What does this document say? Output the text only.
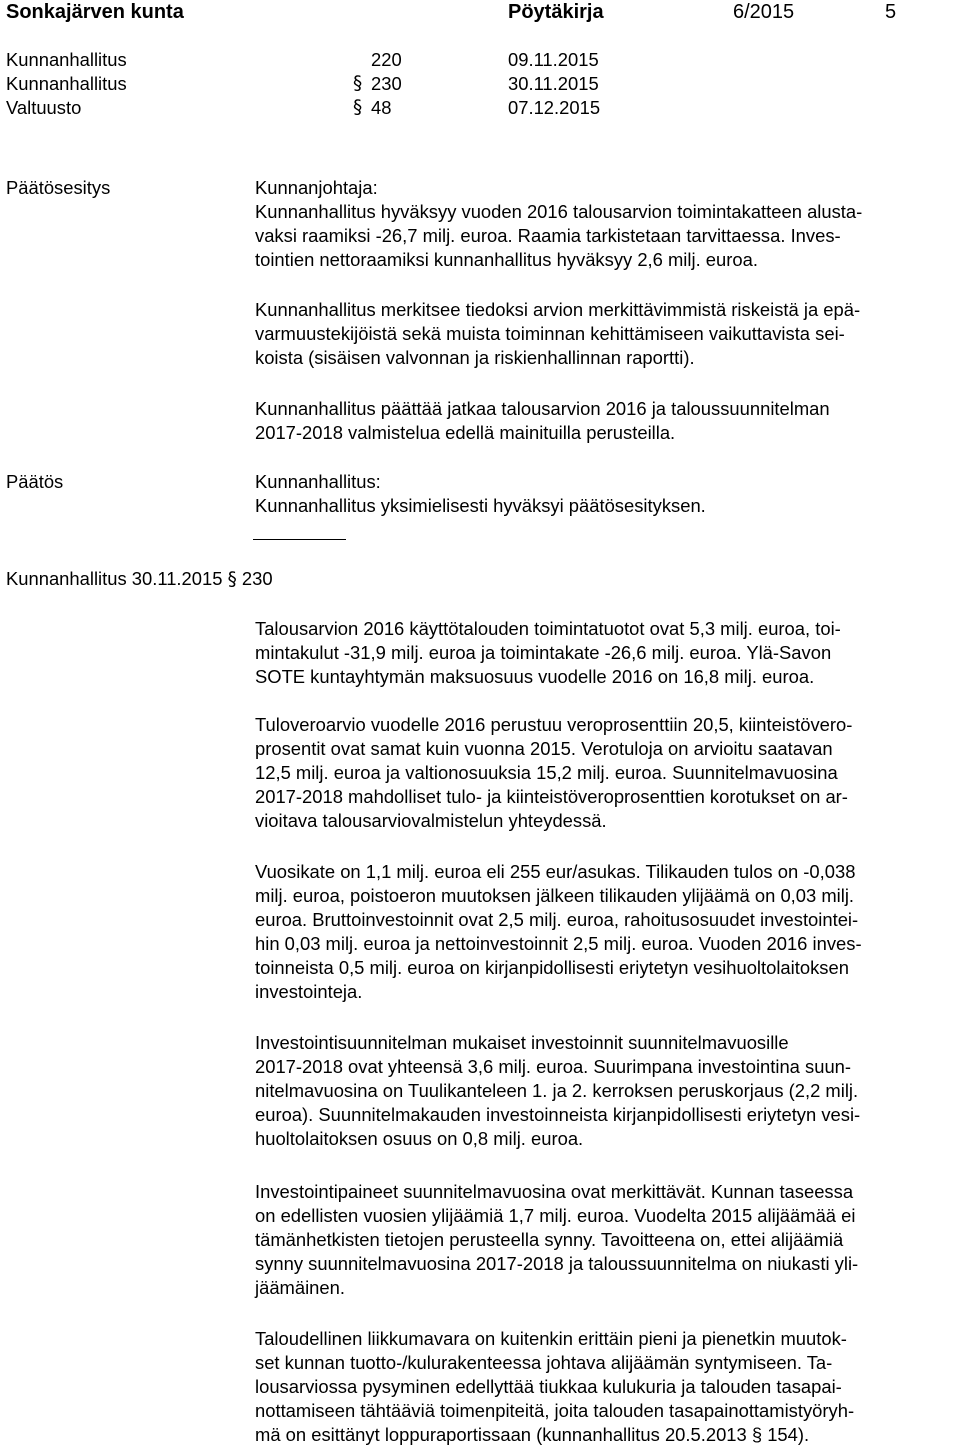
Sonkajärven kunta	Pöytäkirja	6/2015	5
Kunnanhallitus	220	09.11.2015
Kunnanhallitus	§ 230	30.11.2015
Valtuusto	§ 48	07.12.2015
Päätösesitys	Kunnanjohtaja:
Kunnanhallitus hyväksyy vuoden 2016 talousarvion toimintakatteen alusta-
vaksi raamiksi -26,7 milj. euroa. Raamia tarkistetaan tarvittaessa. Inves-
tointien nettoraamiksi kunnanhallitus hyväksyy 2,6 milj. euroa.
Kunnanhallitus merkitsee tiedoksi arvion merkittävimmistä riskeistä ja epä-
varmuustekijöistä sekä muista toiminnan kehittämiseen vaikuttavista sei-
koista (sisäisen valvonnan ja riskienhallinnan raportti).
Kunnanhallitus päättää jatkaa talousarvion 2016 ja taloussuunnitelman
2017-2018 valmistelua edellä mainituilla perusteilla.
Päätös	Kunnanhallitus:
Kunnanhallitus yksimielisesti hyväksyi päätösesityksen.
Kunnanhallitus 30.11.2015 § 230
Talousarvion 2016 käyttötalouden toimintatuotot ovat 5,3 milj. euroa, toi-
mintakulut -31,9 milj. euroa ja toimintakate -26,6 milj. euroa. Ylä-Savon
SOTE kuntayhtymän maksuosuus vuodelle 2016 on 16,8 milj. euroa.
Tuloveroarvio vuodelle 2016 perustuu veroprosenttiin 20,5, kiinteistövero-
prosentit ovat samat kuin vuonna 2015. Verotuloja on arvioitu saatavan
12,5 milj. euroa ja valtionosuuksia 15,2 milj. euroa. Suunnitelmavuosina
2017-2018 mahdolliset tulo- ja kiinteistöveroprosenttien korotukset on ar-
vioitava talousarviovalmistelun yhteydessä.
Vuosikate on 1,1 milj. euroa eli 255 eur/asukas. Tilikauden tulos on -0,038
milj. euroa, poistoeron muutoksen jälkeen tilikauden ylijäämä on 0,03 milj.
euroa. Bruttoinvestoinnit ovat 2,5 milj. euroa, rahoitusosuudet investointei-
hin 0,03 milj. euroa ja nettoinvestoinnit 2,5 milj. euroa. Vuoden 2016 inves-
toinneista 0,5 milj. euroa on kirjanpidollisesti eriytetyn vesihuoltolaitoksen
investointeja.
Investointisuunnitelman mukaiset investoinnit suunnitelmavuosille
2017-2018 ovat yhteensä 3,6 milj. euroa. Suurimpana investointina suun-
nitelmavuosina on Tuulikanteleen 1. ja 2. kerroksen peruskorjaus (2,2 milj.
euroa). Suunnitelmakauden investoinneista kirjanpidollisesti eriytetyn vesi-
huoltolaitoksen osuus on 0,8 milj. euroa.
Investointipaineet suunnitelmavuosina ovat merkittävät. Kunnan taseessa
on edellisten vuosien ylijäämiä 1,7 milj. euroa. Vuodelta 2015 alijäämää ei
tämänhetkisten tietojen perusteella synny. Tavoitteena on, ettei alijäämiä
synny suunnitelmavuosina 2017-2018 ja taloussuunnitelma on niukasti yli-
jäämäinen.
Taloudellinen liikkumavara on kuitenkin erittäin pieni ja pienetkin muutok-
set kunnan tuotto-/kulurakenteessa johtava alijäämän syntymiseen. Ta-
lousarviossa pysyminen edellyttää tiukkaa kulukuria ja talouden tasapai-
nottamiseen tähtääviä toimenpiteitä, joita talouden tasapainottamistyöryh-
mä on esittänyt loppuraportissaan (kunnanhallitus 20.5.2013 § 154).
